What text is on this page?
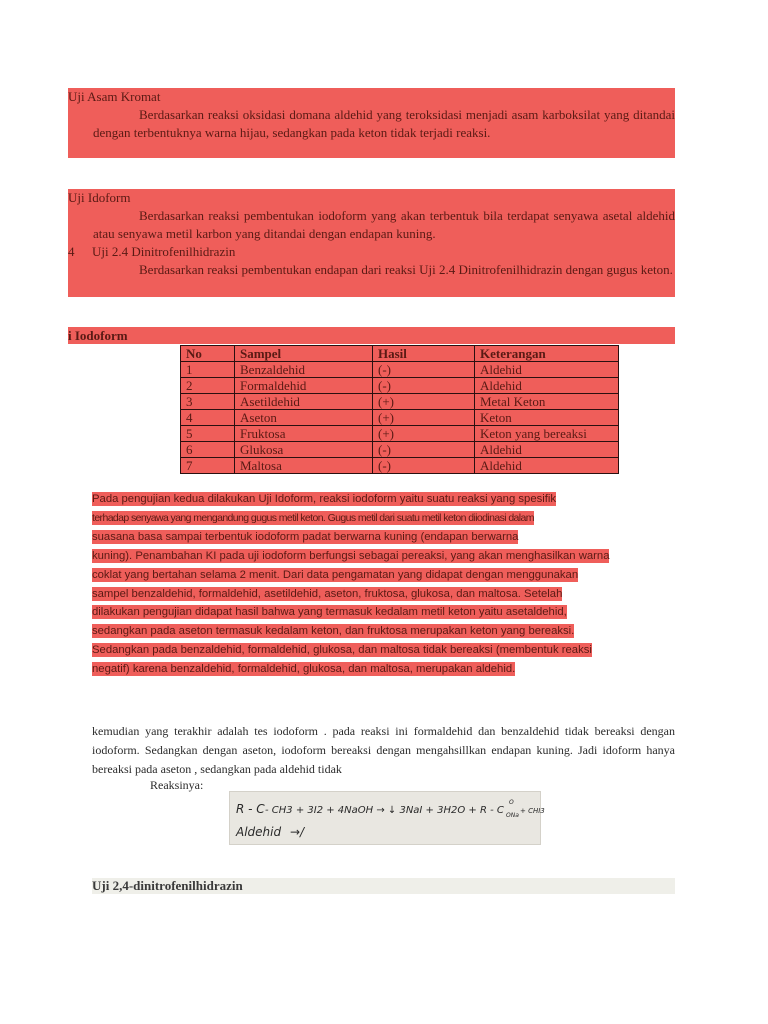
Uji Asam Kromat
Berdasarkan reaksi oksidasi domana aldehid yang teroksidasi menjadi asam karboksilat yang ditandai dengan terbentuknya warna hijau, sedangkan pada keton tidak terjadi reaksi.
Uji Idoform
Berdasarkan reaksi pembentukan iodoform yang akan terbentuk bila terdapat senyawa asetal aldehid atau senyawa metil karbon yang ditandai dengan endapan kuning.
4 Uji 2.4 Dinitrofenilhidrazin
Berdasarkan reaksi pembentukan endapan dari reaksi Uji 2.4 Dinitrofenilhidrazin dengan gugus keton.
i Iodoform
No	Sampel	Hasil	Keterangan
1	Benzaldehid	(-)	Aldehid
2	Formaldehid	(-)	Aldehid
3	Asetildehid	(+)	Metal Keton
4	Aseton	(+)	Keton
5	Fruktosa	(+)	Keton yang bereaksi
6	Glukosa	(-)	Aldehid
7	Maltosa	(-)	Aldehid
Pada pengujian kedua dilakukan Uji Idoform, reaksi iodoform yaitu suatu reaksi yang spesifik
terhadap senyawa yang mengandung gugus metil keton. Gugus metil dari suatu metil keton diiodinasi dalam
suasana basa sampai terbentuk iodoform padat berwarna kuning (endapan berwarna
kuning). Penambahan KI pada uji iodoform berfungsi sebagai pereaksi, yang akan menghasilkan warna
coklat yang bertahan selama 2 menit. Dari data pengamatan yang didapat dengan menggunakan
sampel benzaldehid, formaldehid, asetildehid, aseton, fruktosa, glukosa, dan maltosa. Setelah
dilakukan pengujian didapat hasil bahwa yang termasuk kedalam metil keton yaitu asetaldehid,
sedangkan pada aseton termasuk kedalam keton, dan fruktosa merupakan keton yang bereaksi.
Sedangkan pada benzaldehid, formaldehid, glukosa, dan maltosa tidak bereaksi (membentuk reaksi
negatif) karena benzaldehid, formaldehid, glukosa, dan maltosa, merupakan aldehid.
kemudian yang terakhir adalah tes iodoform . pada reaksi ini formaldehid dan benzaldehid tidak bereaksi dengan iodoform. Sedangkan dengan aseton, iodoform bereaksi dengan mengahsillkan endapan kuning. Jadi idoform hanya bereaksi pada aseton , sedangkan pada aldehid tidak
Reaksinya:
R - C - CH3 + 3I2 + 4NaOH → ↓ 3NaI + 3H2O + R - C
O
ONa
+ CHI3
Aldehid →/
Uji 2,4-dinitrofenilhidrazin
